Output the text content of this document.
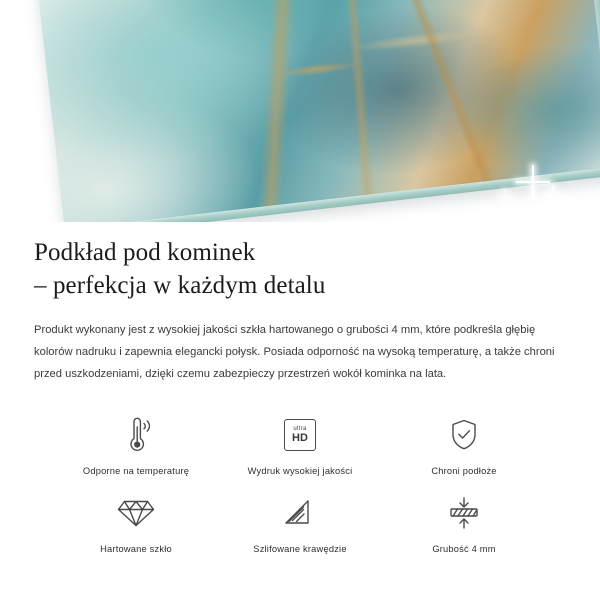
Podkład pod kominek
– perfekcja w każdym detalu

Produkt wykonany jest z wysokiej jakości szkła hartowanego o grubości 4 mm, które podkreśla głębię kolorów nadruku i zapewnia elegancki połysk. Posiada odporność na wysoką temperaturę, a także chroni przed uszkodzeniami, dzięki czemu zabezpieczy przestrzeń wokół kominka na lata.

Odporne na temperaturę
ultra
HD
Wydruk wysokiej jakości	Chroni podłoże
Hartowane szkło	Szlifowane krawędzie	Grubość 4 mm
